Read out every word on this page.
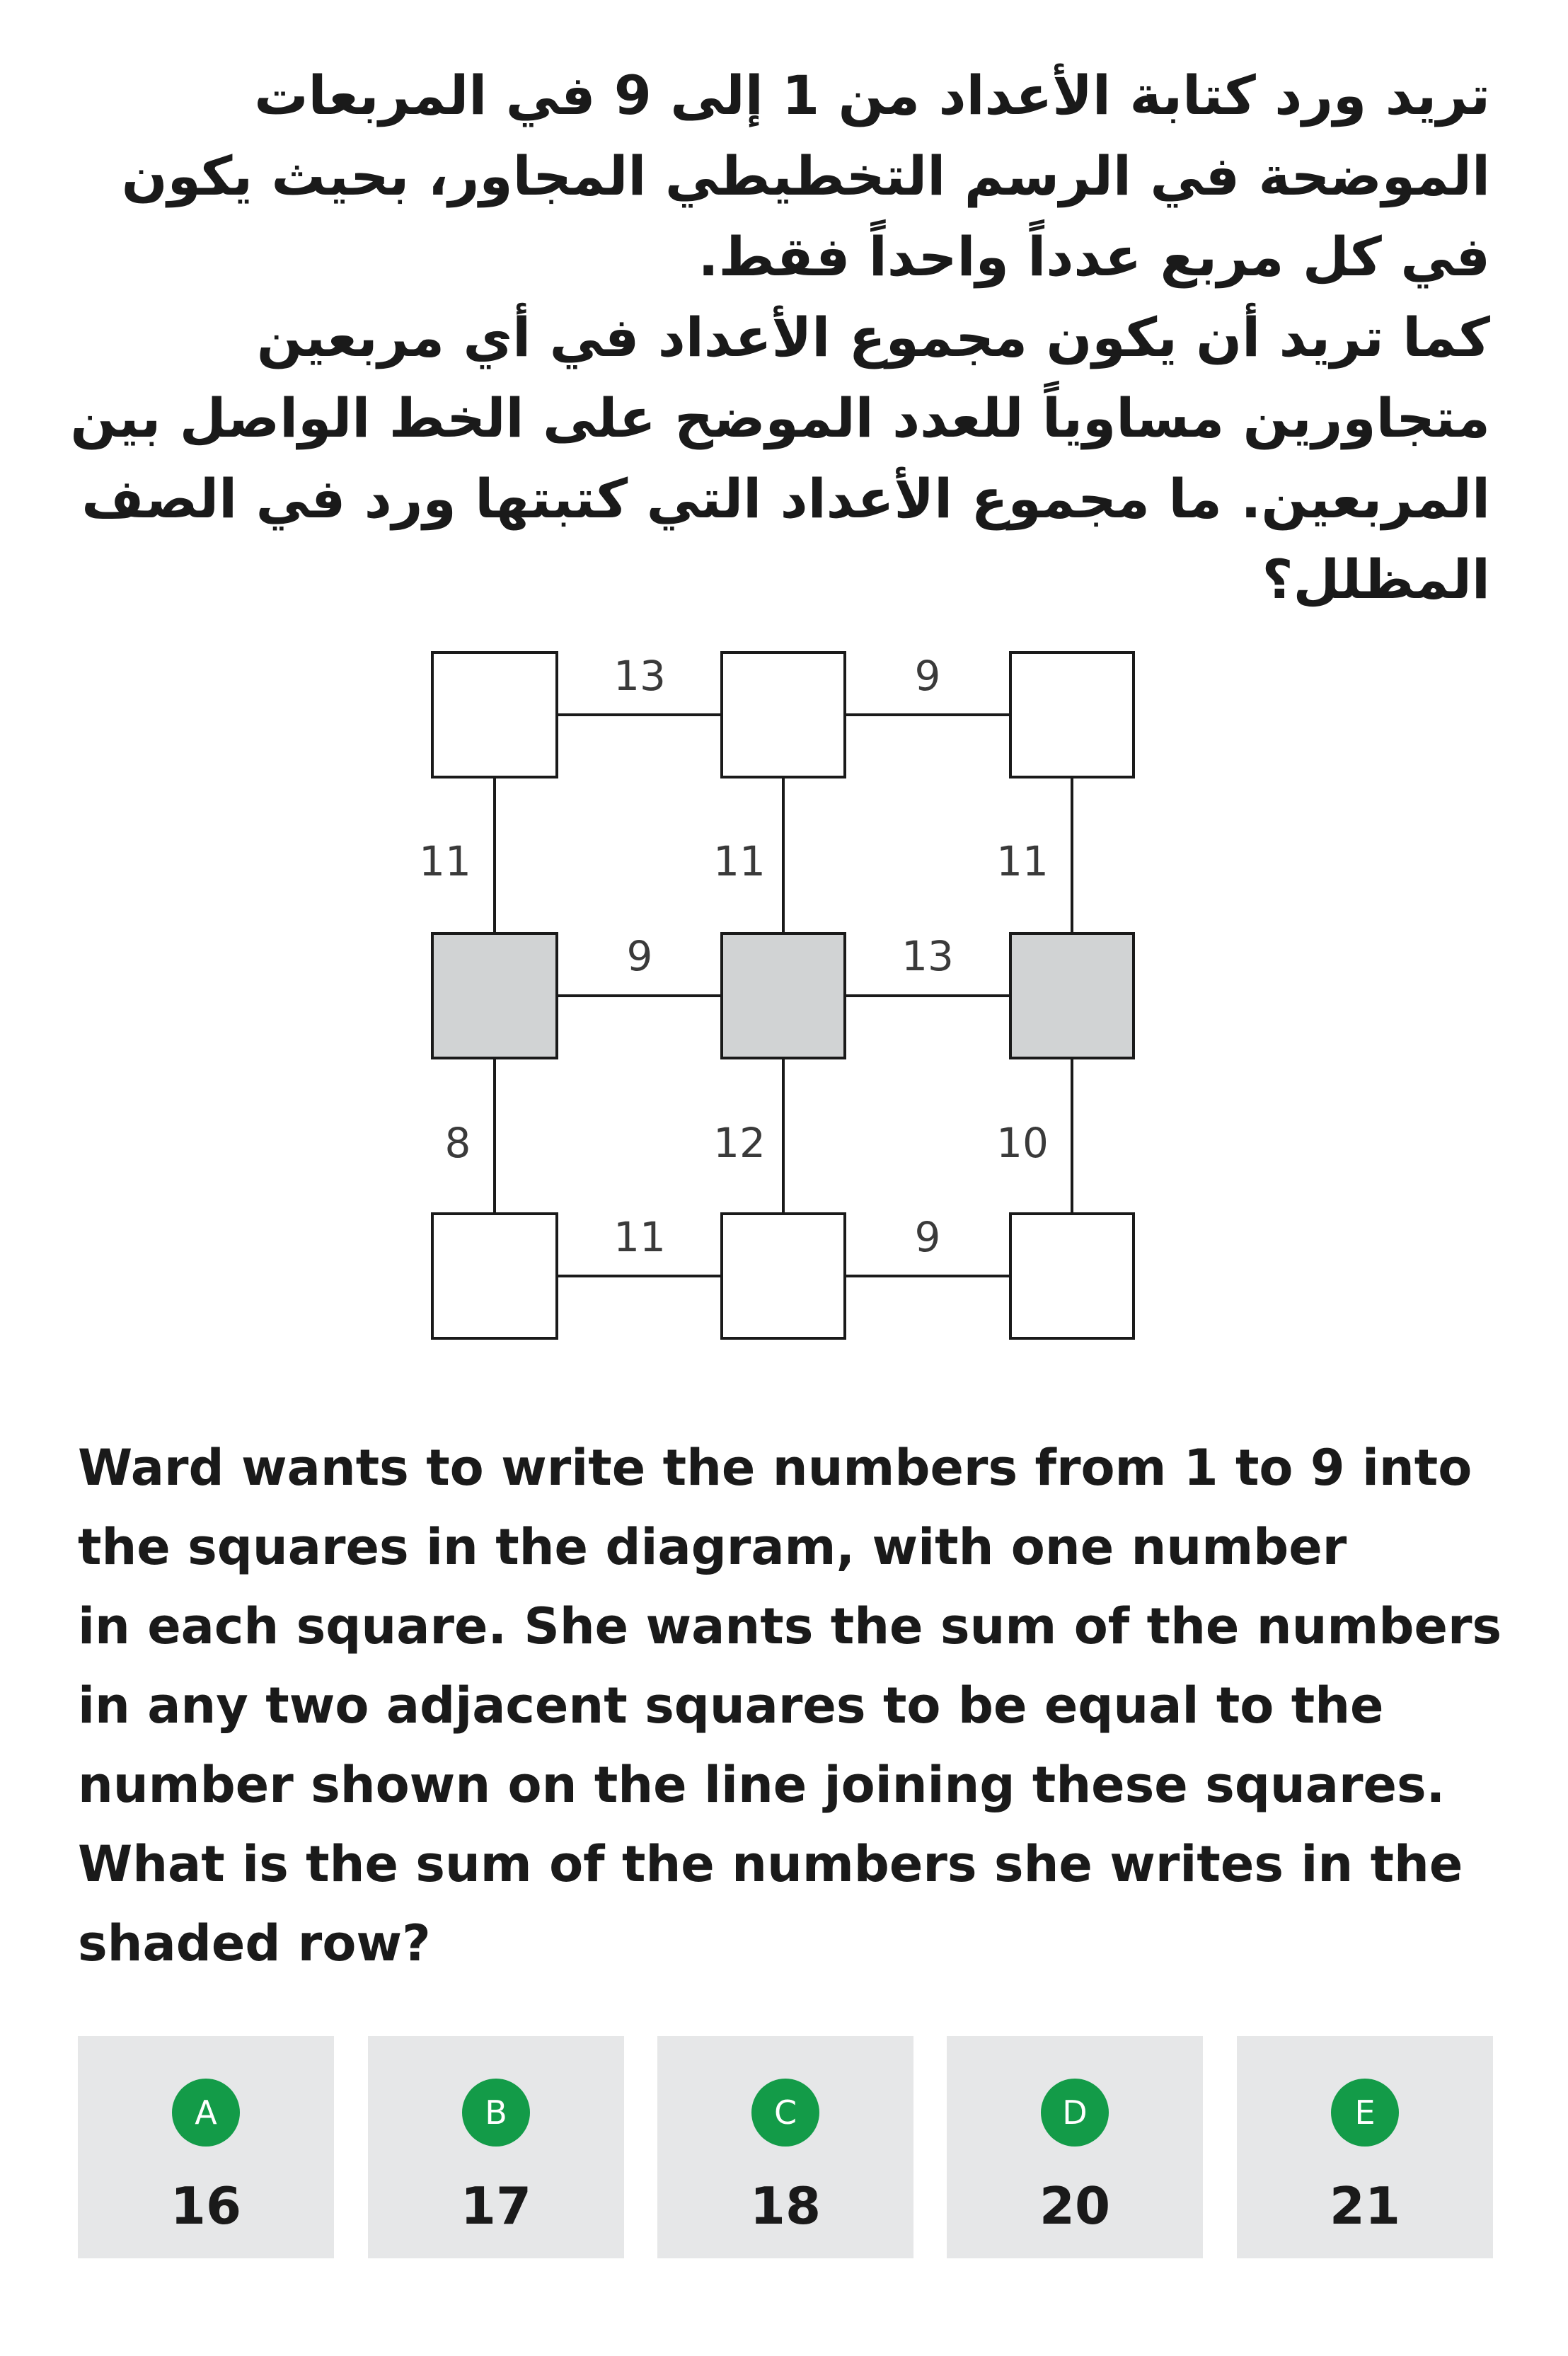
تريد ورد كتابة الأعداد من 1 إلى 9 في المربعات
الموضحة في الرسم التخطيطي المجاور، بحيث يكون
في كل مربع عدداً واحداً فقط.
كما تريد أن يكون مجموع الأعداد في أي مربعين
متجاورين مساوياً للعدد الموضح على الخط الواصل بين
المربعين. ما مجموع الأعداد التي كتبتها ورد في الصف
المظلل؟
13	9
9	13
11	9
11	11	11
8	12	10
Ward wants to write the numbers from 1 to 9 into
the squares in the diagram, with one number
in each square. She wants the sum of the numbers
in any two adjacent squares to be equal to the
number shown on the line joining these squares.
What is the sum of the numbers she writes in the
shaded row?
A
16
B
17
C
18
D
20
E
21
